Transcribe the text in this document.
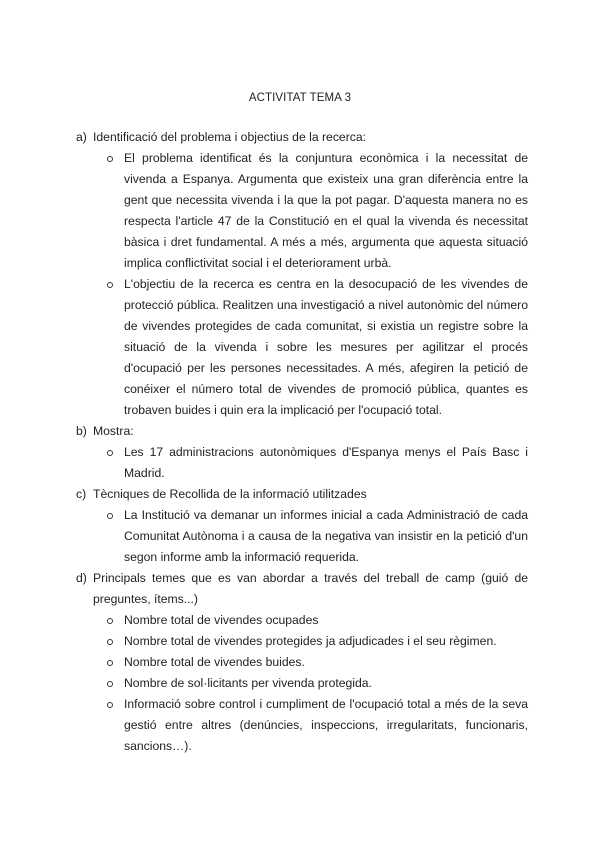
ACTIVITAT TEMA 3
a) Identificació del problema i objectius de la recerca:
El problema identificat és la conjuntura econòmica i la necessitat de vivenda a Espanya. Argumenta que existeix una gran diferència entre la gent que necessita vivenda i la que la pot pagar. D'aquesta manera no es respecta l'article 47 de la Constitució en el qual la vivenda és necessitat bàsica i dret fundamental. A més a més, argumenta que aquesta situació implica conflictivitat social i el deteriorament urbà.
L'objectiu de la recerca es centra en la desocupació de les vivendes de protecció pública. Realitzen una investigació a nivel autonòmic del número de vivendes protegides de cada comunitat, si existia un registre sobre la situació de la vivenda i sobre les mesures per agilitzar el procés d'ocupació per les persones necessitades. A més, afegiren la petició de conéixer el número total de vivendes de promoció pública, quantes es trobaven buides i quin era la implicació per l'ocupació total.
b) Mostra:
Les 17 administracions autonòmiques d'Espanya menys el País Basc i Madrid.
c) Tècniques de Recollida de la informació utilitzades
La Institució va demanar un informes inicial a cada Administració de cada Comunitat Autònoma i a causa de la negativa van insistir en la petició d'un segon informe amb la informació requerida.
d) Principals temes que es van abordar a través del treball de camp (guió de preguntes, ítems...)
Nombre total de vivendes ocupades
Nombre total de vivendes protegides ja adjudicades i el seu règimen.
Nombre total de vivendes buides.
Nombre de sol·licitants per vivenda protegida.
Informació sobre control i cumpliment de l'ocupació total a més de la seva gestió entre altres (denúncies, inspeccions, irregularitats, funcionaris, sancions…).
